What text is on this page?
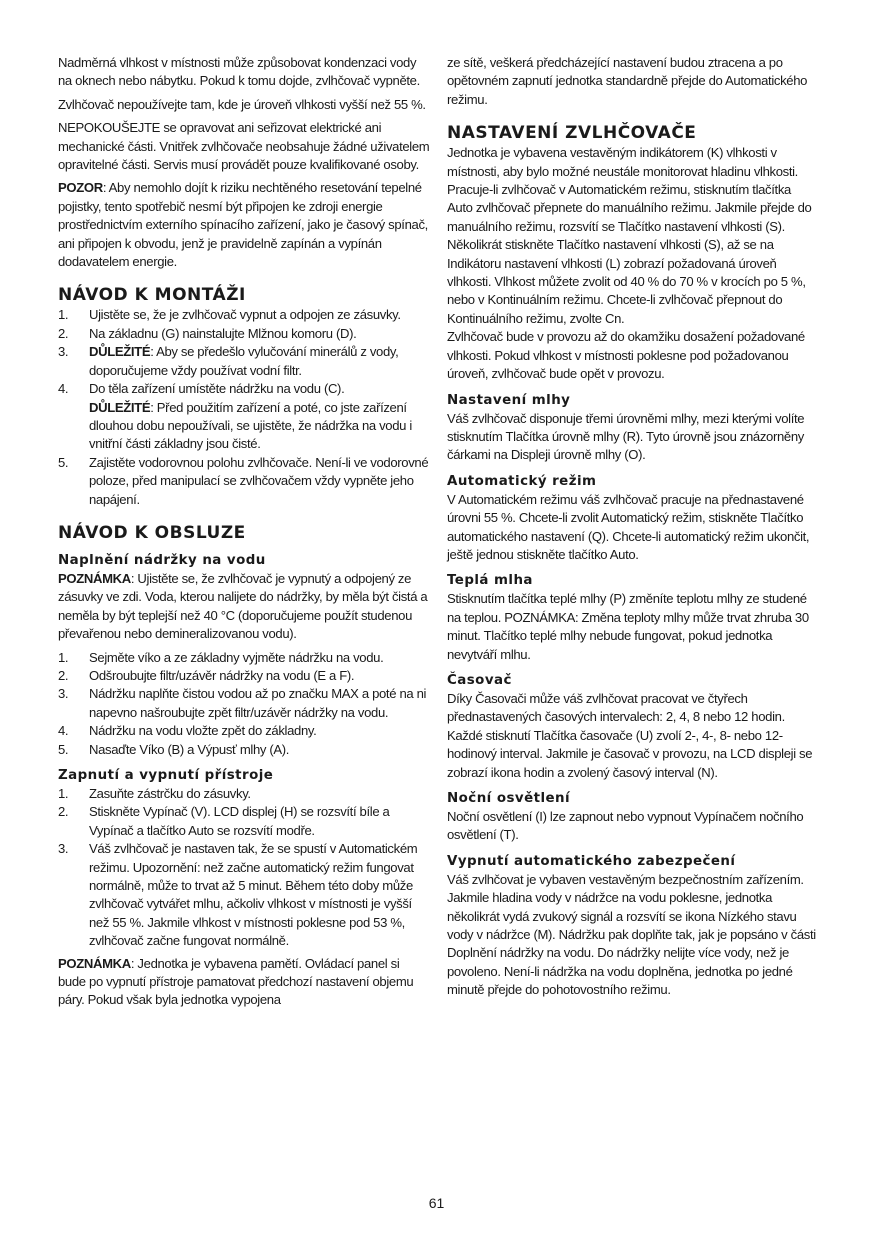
Nadměrná vlhkost v místnosti může způsobovat kondenzaci vody na oknech nebo nábytku. Pokud k tomu dojde, zvlhčovač vypněte.

Zvlhčovač nepoužívejte tam, kde je úroveň vlhkosti vyšší než 55 %.

NEPOKOUŠEJTE se opravovat ani seřizovat elektrické ani mechanické části. Vnitřek zvlhčovače neobsahuje žádné uživatelem opravitelné části. Servis musí provádět pouze kvalifikované osoby.

POZOR: Aby nemohlo dojít k riziku nechtěného resetování tepelné pojistky, tento spotřebič nesmí být připojen ke zdroji energie prostřednictvím externího spínacího zařízení, jako je časový spínač, ani připojen k obvodu, jenž je pravidelně zapínán a vypínán dodavatelem energie.

NÁVOD K MONTÁŽI
1. Ujistěte se, že je zvlhčovač vypnut a odpojen ze zásuvky.
2. Na základnu (G) nainstalujte Mlžnou komoru (D).
3. DŮLEŽITÉ: Aby se předešlo vylučování minerálů z vody, doporučujeme vždy používat vodní filtr.
4. Do těla zařízení umístěte nádržku na vodu (C).
DŮLEŽITÉ: Před použitím zařízení a poté, co jste zařízení dlouhou dobu nepoužívali, se ujistěte, že nádržka na vodu i vnitřní části základny jsou čisté.
5. Zajistěte vodorovnou polohu zvlhčovače. Není-li ve vodorovné poloze, před manipulací se zvlhčovačem vždy vypněte jeho napájení.
NÁVOD K OBSLUZE
Naplnění nádržky na vodu

POZNÁMKA: Ujistěte se, že zvlhčovač je vypnutý a odpojený ze zásuvky ve zdi. Voda, kterou nalijete do nádržky, by měla být čistá a neměla by být teplejší než 40 °C (doporučujeme použít studenou převařenou nebo demineralizovanou vodu).

1. Sejměte víko a ze základny vyjměte nádržku na vodu.
2. Odšroubujte filtr/uzávěr nádržky na vodu (E a F).
3. Nádržku naplňte čistou vodou až po značku MAX a poté na ni napevno našroubujte zpět filtr/uzávěr nádržky na vodu.
4. Nádržku na vodu vložte zpět do základny.
5. Nasaďte Víko (B) a Výpusť mlhy (A).
Zapnutí a vypnutí přístroje
1. Zasuňte zástrčku do zásuvky.
2. Stiskněte Vypínač (V). LCD displej (H) se rozsvítí bíle a Vypínač a tlačítko Auto se rozsvítí modře.
3. Váš zvlhčovač je nastaven tak, že se spustí v Automatickém režimu. Upozornění: než začne automatický režim fungovat normálně, může to trvat až 5 minut. Během této doby může zvlhčovač vytvářet mlhu, ačkoliv vlhkost v místnosti je vyšší než 55 %. Jakmile vlhkost v místnosti poklesne pod 53 %, zvlhčovač začne fungovat normálně.

POZNÁMKA: Jednotka je vybavena pamětí. Ovládací panel si bude po vypnutí přístroje pamatovat předchozí nastavení objemu páry. Pokud však byla jednotka vypojena

ze sítě, veškerá předcházející nastavení budou ztracena a po opětovném zapnutí jednotka standardně přejde do Automatického režimu.

NASTAVENÍ ZVLHČOVAČE

Jednotka je vybavena vestavěným indikátorem (K) vlhkosti v místnosti, aby bylo možné neustále monitorovat hladinu vlhkosti. Pracuje-li zvlhčovač v Automatickém režimu, stisknutím tlačítka Auto zvlhčovač přepnete do manuálního režimu. Jakmile přejde do manuálního režimu, rozsvítí se Tlačítko nastavení vlhkosti (S). Několikrát stiskněte Tlačítko nastavení vlhkosti (S), až se na Indikátoru nastavení vlhkosti (L) zobrazí požadovaná úroveň vlhkosti. Vlhkost můžete zvolit od 40 % do 70 % v krocích po 5 %, nebo v Kontinuálním režimu. Chcete-li zvlhčovač přepnout do Kontinuálního režimu, zvolte Cn.

Zvlhčovač bude v provozu až do okamžiku dosažení požadované vlhkosti. Pokud vlhkost v místnosti poklesne pod požadovanou úroveň, zvlhčovač bude opět v provozu.

Nastavení mlhy

Váš zvlhčovač disponuje třemi úrovněmi mlhy, mezi kterými volíte stisknutím Tlačítka úrovně mlhy (R). Tyto úrovně jsou znázorněny čárkami na Displeji úrovně mlhy (O).

Automatický režim

V Automatickém režimu váš zvlhčovač pracuje na přednastavené úrovni 55 %. Chcete-li zvolit Automatický režim, stiskněte Tlačítko automatického nastavení (Q). Chcete-li automatický režim ukončit, ještě jednou stiskněte tlačítko Auto.

Teplá mlha

Stisknutím tlačítka teplé mlhy (P) změníte teplotu mlhy ze studené na teplou. POZNÁMKA: Změna teploty mlhy může trvat zhruba 30 minut. Tlačítko teplé mlhy nebude fungovat, pokud jednotka nevytváří mlhu.

Časovač

Díky Časovači může váš zvlhčovat pracovat ve čtyřech přednastavených časových intervalech: 2, 4, 8 nebo 12 hodin. Každé stisknutí Tlačítka časovače (U) zvolí 2-, 4-, 8- nebo 12-hodinový interval. Jakmile je časovač v provozu, na LCD displeji se zobrazí ikona hodin a zvolený časový interval (N).

Noční osvětlení

Noční osvětlení (I) lze zapnout nebo vypnout Vypínačem nočního osvětlení (T).

Vypnutí automatického zabezpečení

Váš zvlhčovat je vybaven vestavěným bezpečnostním zařízením. Jakmile hladina vody v nádržce na vodu poklesne, jednotka několikrát vydá zvukový signál a rozsvítí se ikona Nízkého stavu vody v nádržce (M). Nádržku pak doplňte tak, jak je popsáno v části Doplnění nádržky na vodu. Do nádržky nelijte více vody, než je povoleno. Není-li nádržka na vodu doplněna, jednotka po jedné minutě přejde do pohotovostního režimu.

61
